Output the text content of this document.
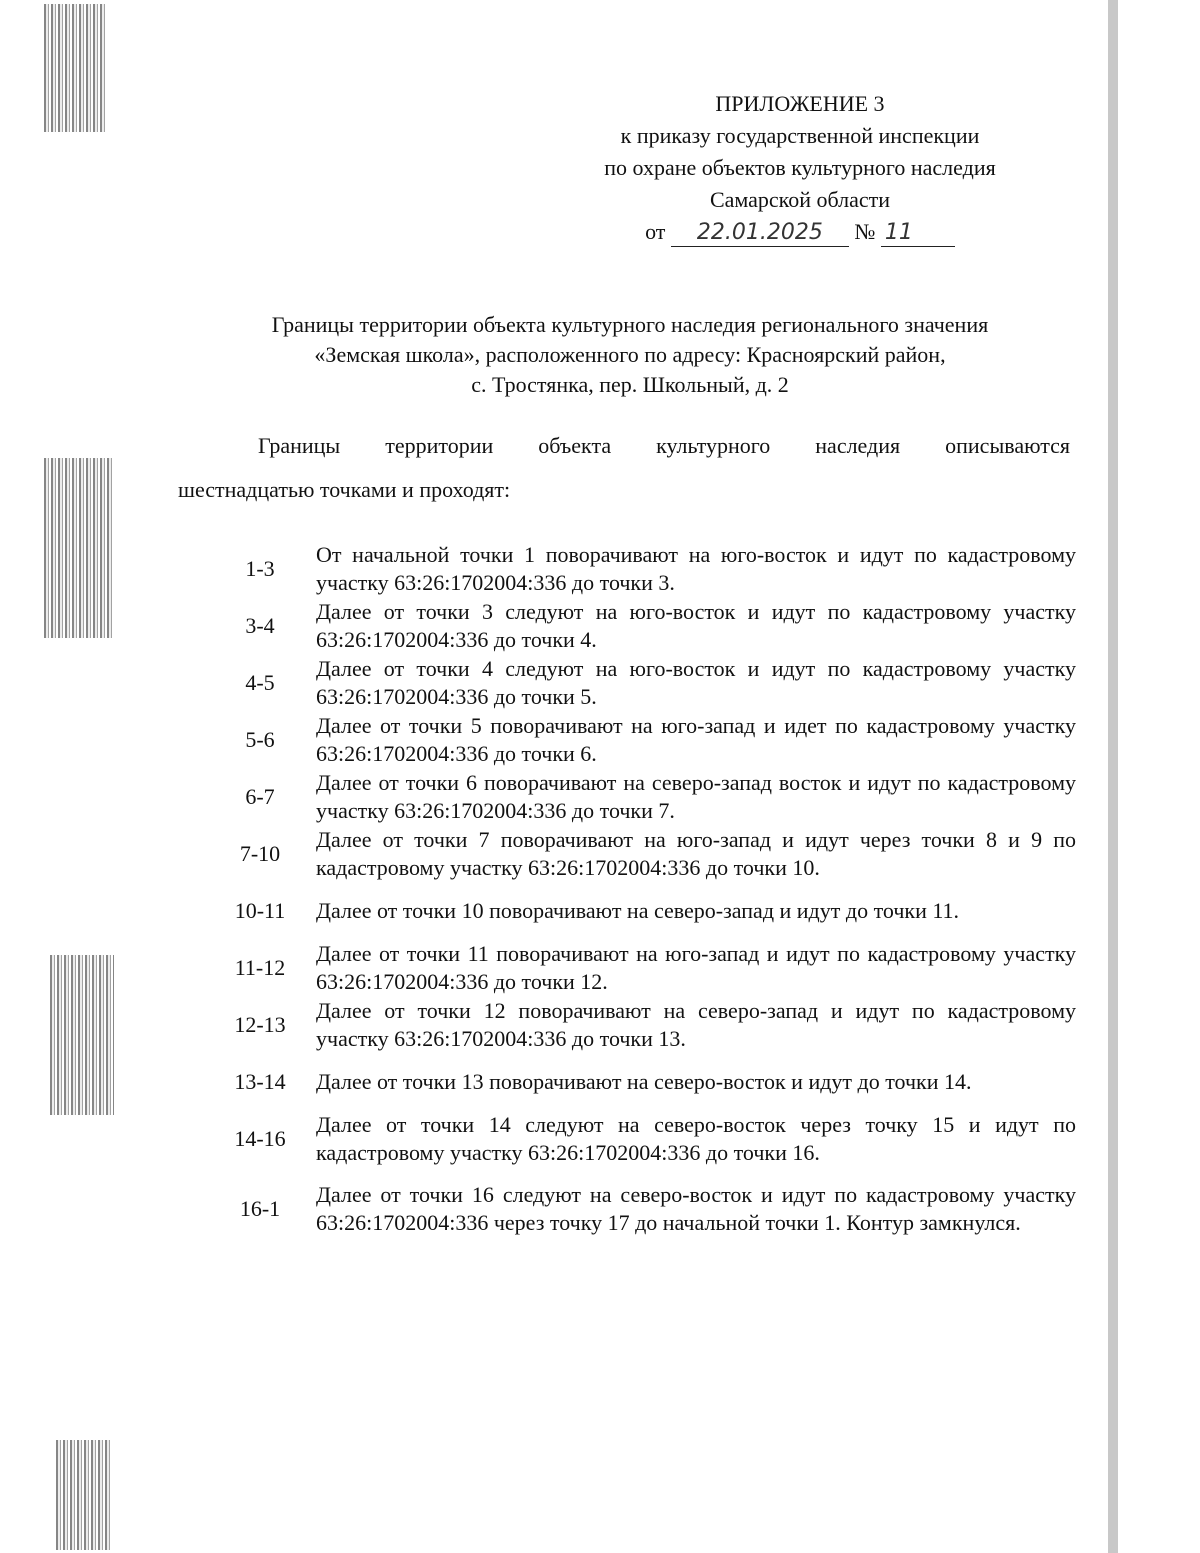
ПРИЛОЖЕНИЕ 3
к приказу государственной инспекции
по охране объектов культурного наследия
Самарской области
от 22.01.2025 № 11
Границы территории объекта культурного наследия регионального значения
«Земская школа», расположенного по адресу: Красноярский район,
с. Тростянка, пер. Школьный, д. 2
Границы территории объекта культурного наследия описываются
шестнадцатью точками и проходят:
1-3
От начальной точки 1 поворачивают на юго-восток и идут по кадастровому участку 63:26:1702004:336 до точки 3.
3-4
Далее от точки 3 следуют на юго-восток и идут по кадастровому участку 63:26:1702004:336 до точки 4.
4-5
Далее от точки 4 следуют на юго-восток и идут по кадастровому участку 63:26:1702004:336 до точки 5.
5-6
Далее от точки 5 поворачивают на юго-запад и идет по кадастровому участку 63:26:1702004:336 до точки 6.
6-7
Далее от точки 6 поворачивают на северо-запад восток и идут по кадастровому участку 63:26:1702004:336 до точки 7.
7-10
Далее от точки 7 поворачивают на юго-запад и идут через точки 8 и 9 по кадастровому участку 63:26:1702004:336 до точки 10.
10-11	Далее от точки 10 поворачивают на северо-запад и идут до точки 11.
11-12
Далее от точки 11 поворачивают на юго-запад и идут по кадастровому участку 63:26:1702004:336 до точки 12.
12-13
Далее от точки 12 поворачивают на северо-запад и идут по кадастровому участку 63:26:1702004:336 до точки 13.
13-14	Далее от точки 13 поворачивают на северо-восток и идут до точки 14.
14-16
Далее от точки 14 следуют на северо-восток через точку 15 и идут по кадастровому участку 63:26:1702004:336 до точки 16.
16-1
Далее от точки 16 следуют на северо-восток и идут по кадастровому участку 63:26:1702004:336 через точку 17 до начальной точки 1. Контур замкнулся.
